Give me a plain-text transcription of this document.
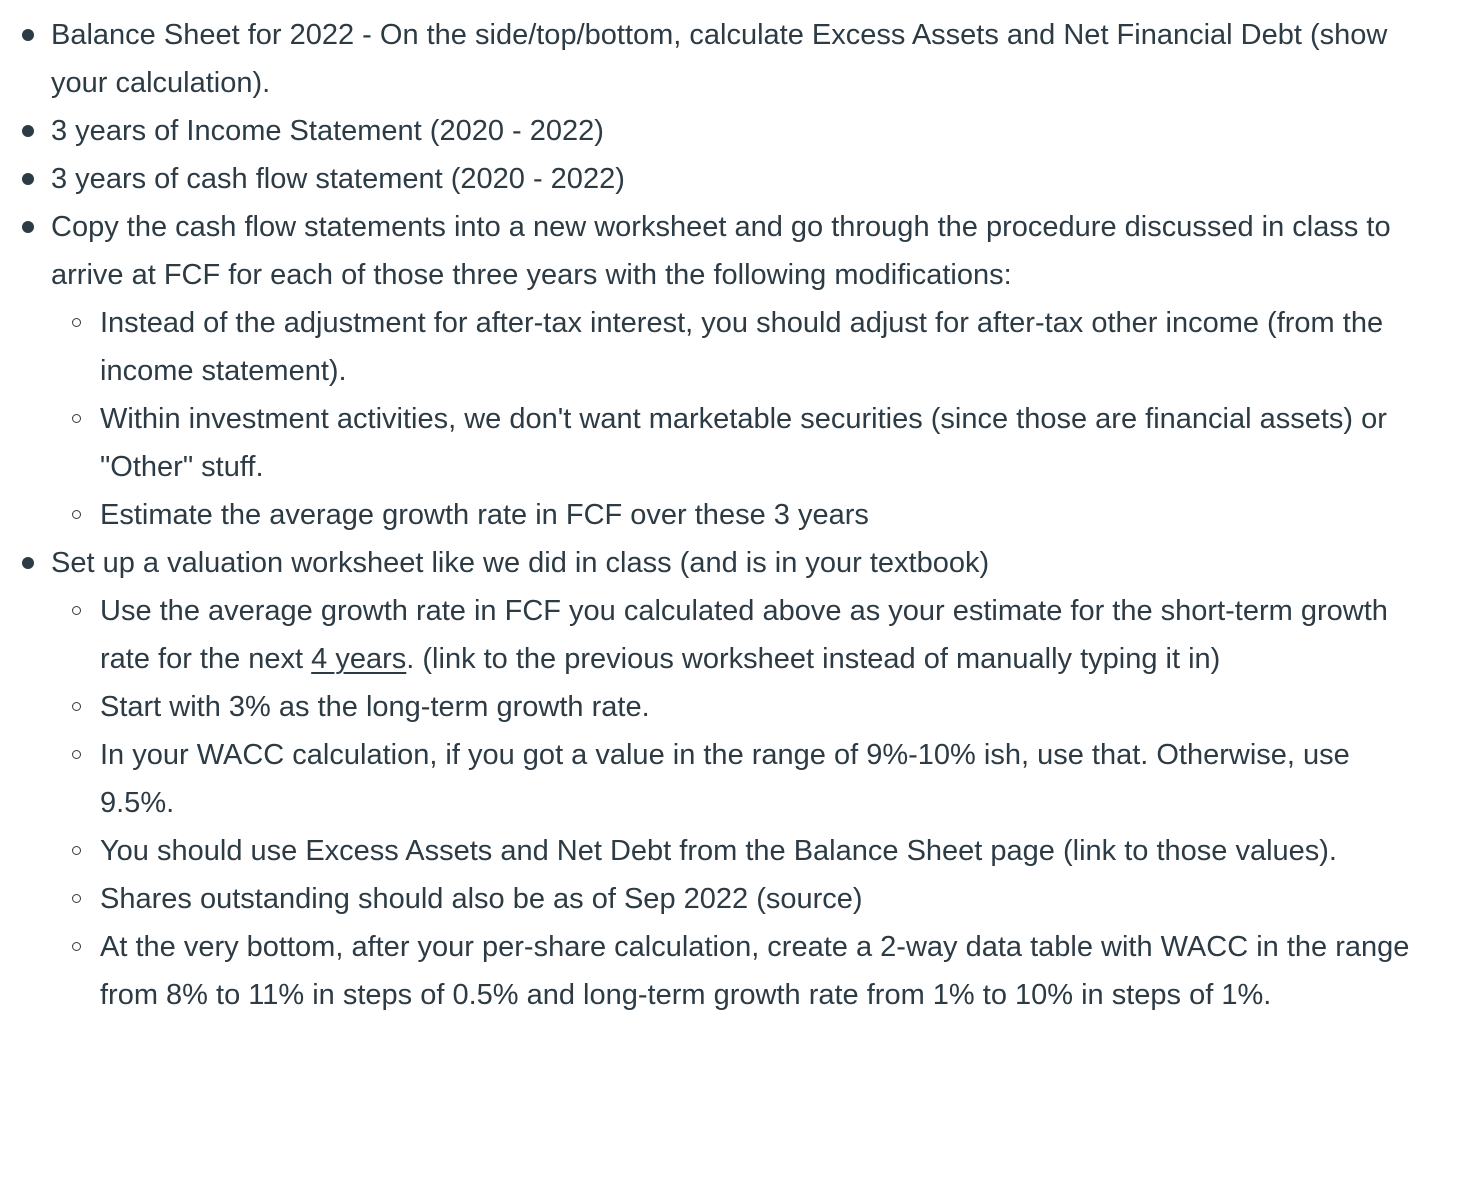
Balance Sheet for 2022 - On the side/top/bottom, calculate Excess Assets and Net Financial Debt (show your calculation).
3 years of Income Statement (2020 - 2022)
3 years of cash flow statement (2020 - 2022)
Copy the cash flow statements into a new worksheet and go through the procedure discussed in class to arrive at FCF for each of those three years with the following modifications:
Instead of the adjustment for after-tax interest, you should adjust for after-tax other income (from the income statement).
Within investment activities, we don't want marketable securities (since those are financial assets) or "Other" stuff.
Estimate the average growth rate in FCF over these 3 years
Set up a valuation worksheet like we did in class (and is in your textbook)
Use the average growth rate in FCF you calculated above as your estimate for the short-term growth rate for the next 4 years. (link to the previous worksheet instead of manually typing it in)
Start with 3% as the long-term growth rate.
In your WACC calculation, if you got a value in the range of 9%-10% ish, use that. Otherwise, use 9.5%.
You should use Excess Assets and Net Debt from the Balance Sheet page (link to those values).
Shares outstanding should also be as of Sep 2022 (source)
At the very bottom, after your per-share calculation, create a 2-way data table with WACC in the range from 8% to 11% in steps of 0.5% and long-term growth rate from 1% to 10% in steps of 1%.
